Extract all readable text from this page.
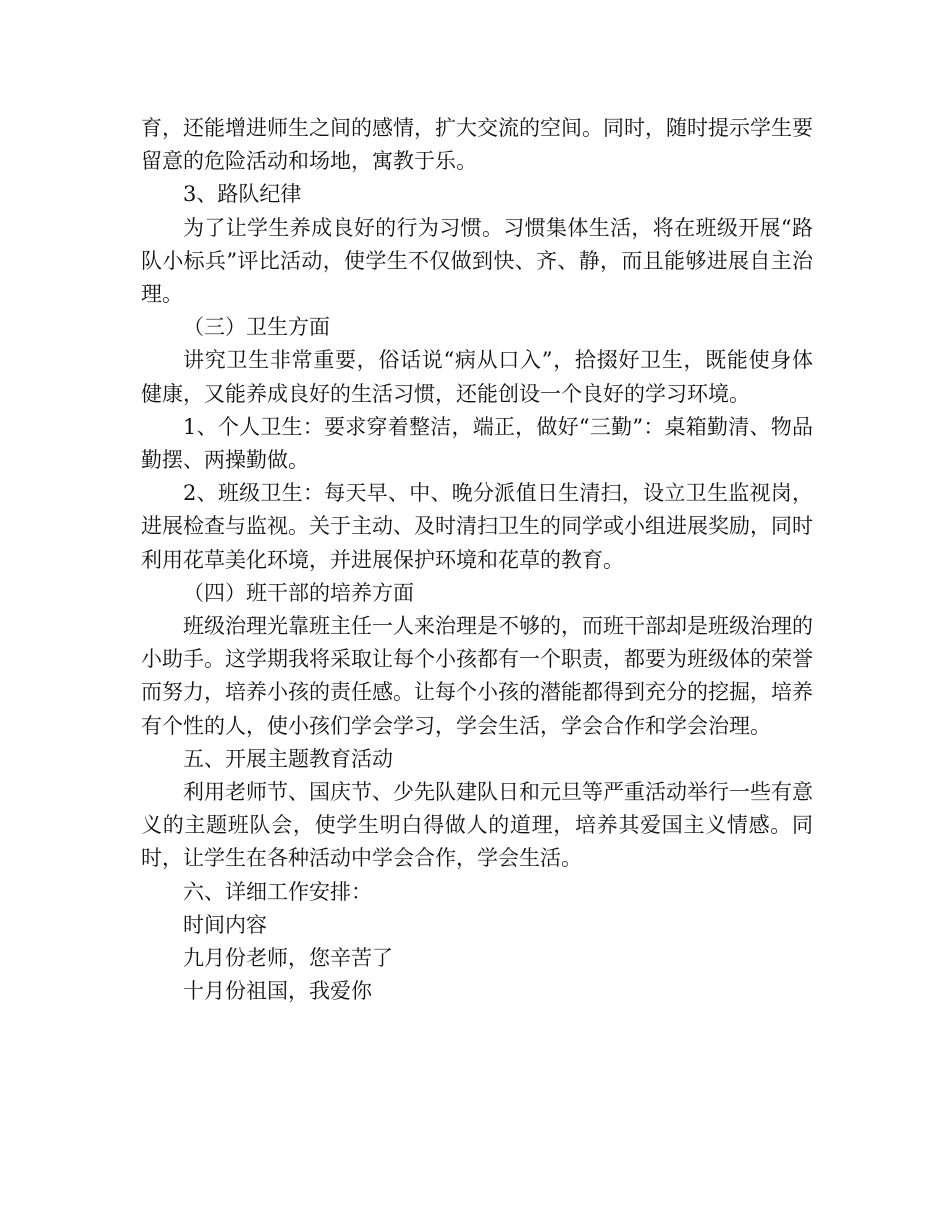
育，还能增进师生之间的感情，扩大交流的空间。同时，随时提示学生要留意的危险活动和场地，寓教于乐。

3、路队纪律

为了让学生养成良好的行为习惯。习惯集体生活，将在班级开展“路队小标兵”评比活动，使学生不仅做到快、齐、静，而且能够进展自主治理。

（三）卫生方面

讲究卫生非常重要，俗话说“病从口入”，拾掇好卫生，既能使身体健康，又能养成良好的生活习惯，还能创设一个良好的学习环境。

1、个人卫生：要求穿着整洁，端正，做好“三勤”：桌箱勤清、物品勤摆、两操勤做。

2、班级卫生：每天早、中、晚分派值日生清扫，设立卫生监视岗，进展检查与监视。关于主动、及时清扫卫生的同学或小组进展奖励，同时利用花草美化环境，并进展保护环境和花草的教育。

（四）班干部的培养方面

班级治理光靠班主任一人来治理是不够的，而班干部却是班级治理的小助手。这学期我将采取让每个小孩都有一个职责，都要为班级体的荣誉而努力，培养小孩的责任感。让每个小孩的潜能都得到充分的挖掘，培养有个性的人，使小孩们学会学习，学会生活，学会合作和学会治理。

五、开展主题教育活动

利用老师节、国庆节、少先队建队日和元旦等严重活动举行一些有意义的主题班队会，使学生明白得做人的道理，培养其爱国主义情感。同时，让学生在各种活动中学会合作，学会生活。

六、详细工作安排：

时间内容

九月份老师，您辛苦了

十月份祖国，我爱你
